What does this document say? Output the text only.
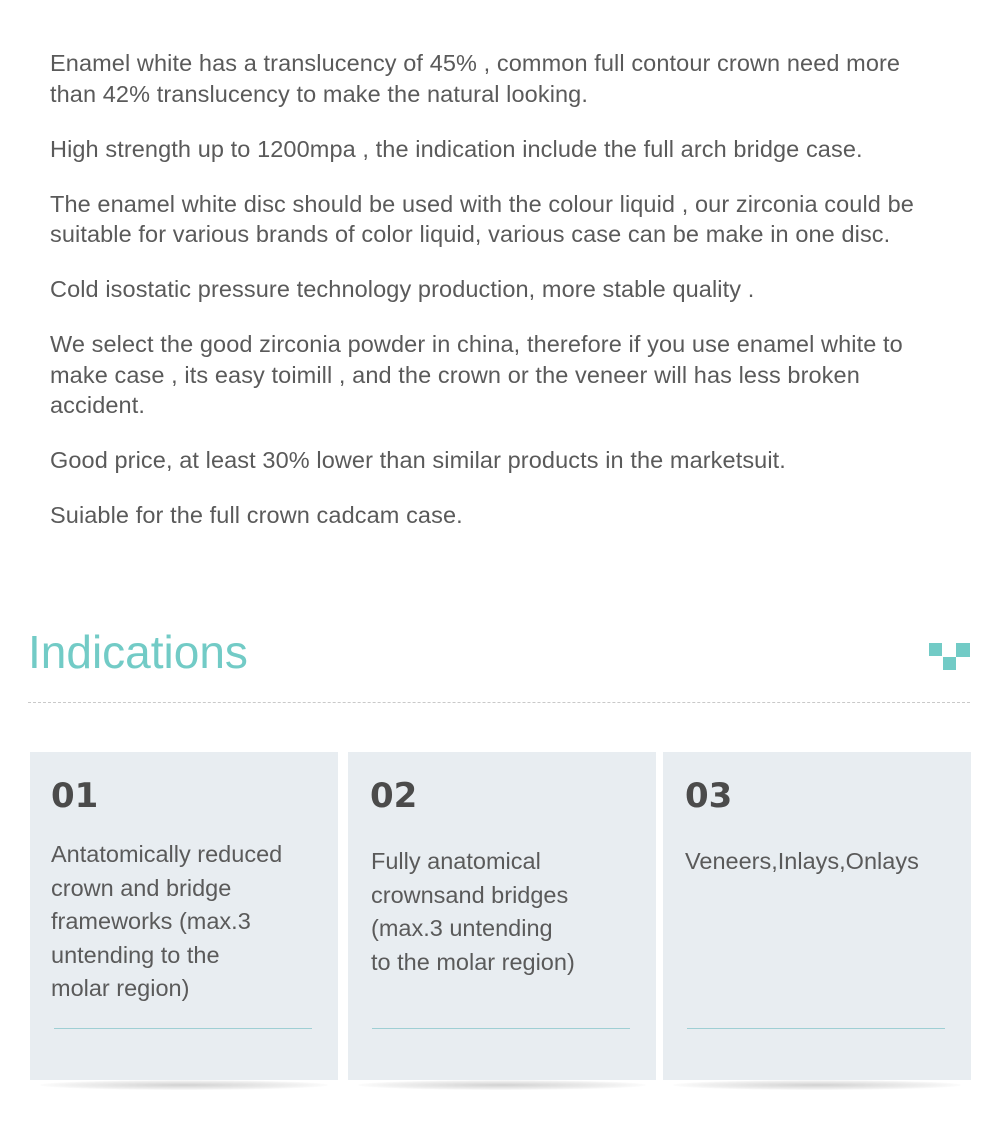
Enamel white has a translucency of 45% , common full contour crown need more than 42% translucency to make the natural looking.

High strength up to 1200mpa , the indication include the full arch bridge case.

The enamel white disc should be used with the colour liquid , our zirconia could be suitable for various brands of color liquid, various case can be make in one disc.

Cold isostatic pressure technology production, more stable quality .

We select the good zirconia powder in china, therefore if you use enamel white to make case , its easy toimill , and the crown or the veneer will has less broken accident.

Good price, at least 30% lower than similar products in the marketsuit.

Suiable for the full crown cadcam case.

Indications
01

Antatomically reduced
crown and bridge
frameworks (max.3
untending to the
molar region)

02

Fully anatomical
crownsand bridges
(max.3 untending
to the molar region)

03

Veneers,Inlays,Onlays
